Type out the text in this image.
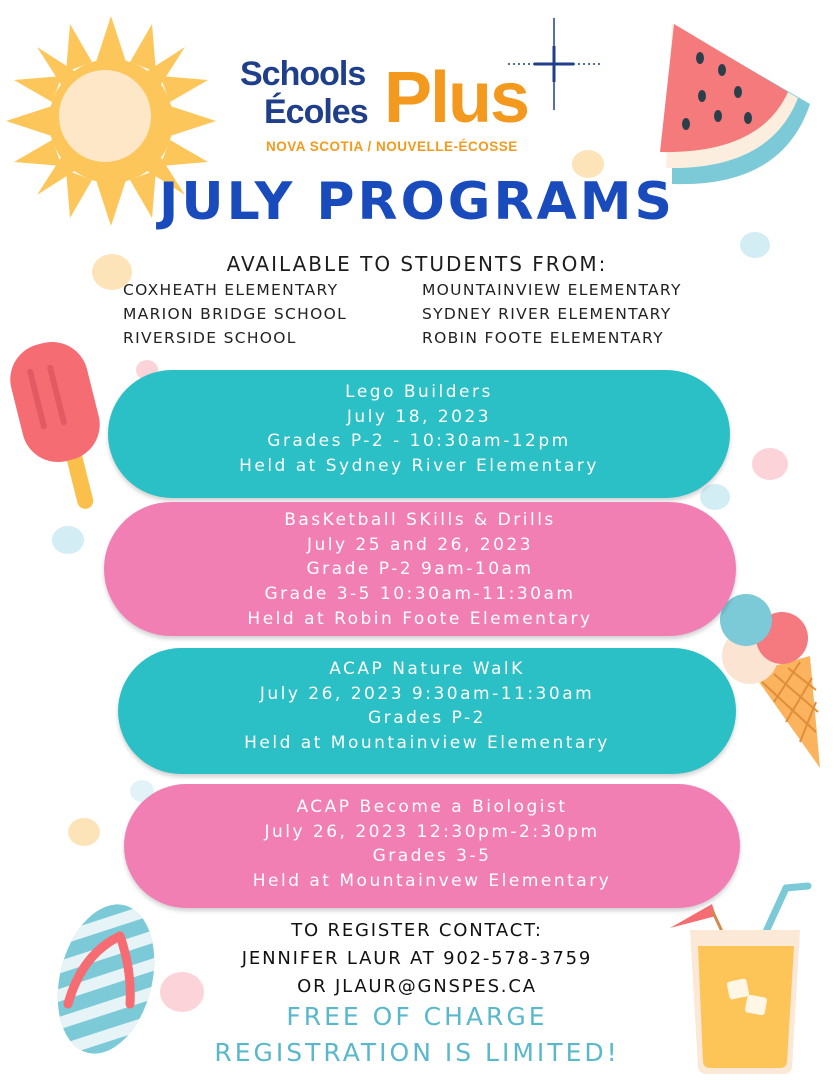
Schools
Écoles Plus
NOVA SCOTIA / NOUVELLE-ÉCOSSE
JULY PROGRAMS
AVAILABLE TO STUDENTS FROM:
COXHEATH ELEMENTARY
MARION BRIDGE SCHOOL
RIVERSIDE SCHOOL
MOUNTAINVIEW ELEMENTARY
SYDNEY RIVER ELEMENTARY
ROBIN FOOTE ELEMENTARY
Lego Builders
July 18, 2023
Grades P-2 - 10:30am-12pm
Held at Sydney River Elementary
BasKetball SKills & Drills
July 25 and 26, 2023
Grade P-2 9am-10am
Grade 3-5 10:30am-11:30am
Held at Robin Foote Elementary
ACAP Nature WalK
July 26, 2023 9:30am-11:30am
Grades P-2
Held at Mountainview Elementary
ACAP Become a Biologist
July 26, 2023 12:30pm-2:30pm
Grades 3-5
Held at Mountainvew Elementary
TO REGISTER CONTACT:
JENNIFER LAUR AT 902-578-3759
OR JLAUR@GNSPES.CA
FREE OF CHARGE
REGISTRATION IS LIMITED!
